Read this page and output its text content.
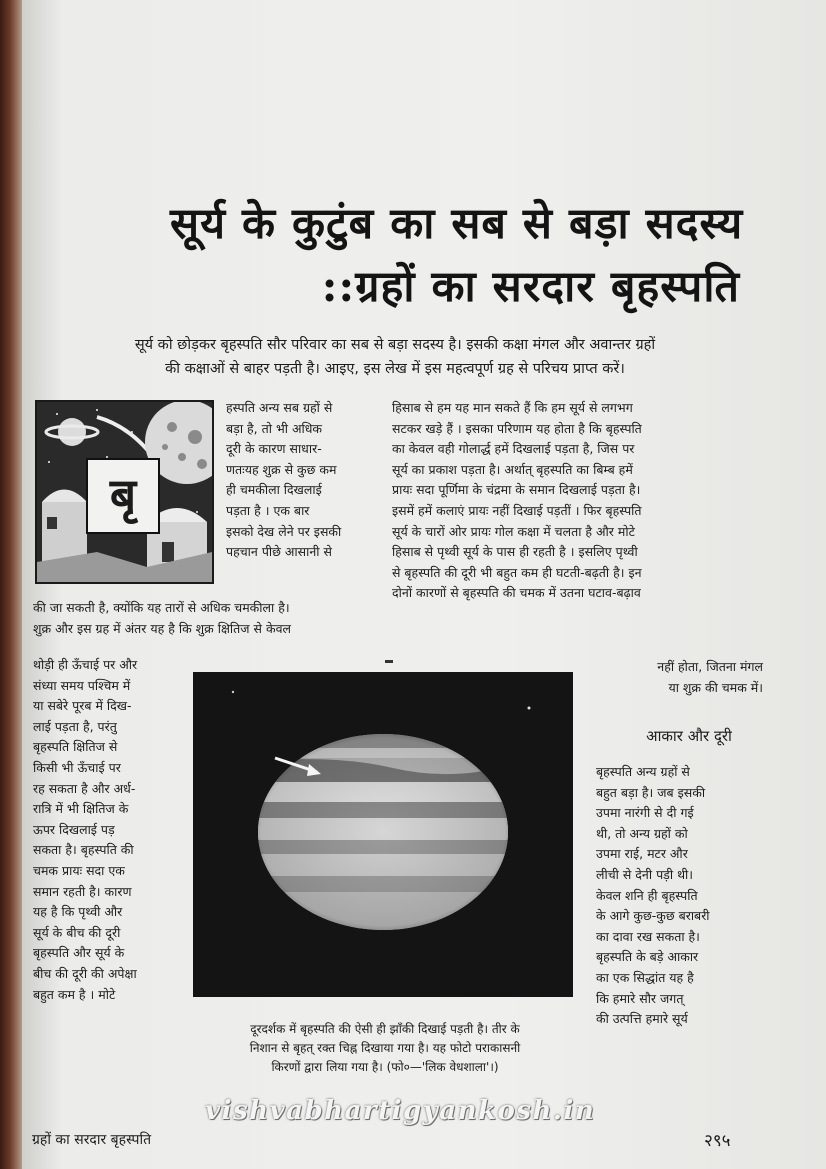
सूर्य के कुटुंब का सब से बड़ा सदस्य
::ग्रहों का सरदार बृहस्पति
सूर्य को छोड़कर बृहस्पति सौर परिवार का सब से बड़ा सदस्य है। इसकी कक्षा मंगल और अवान्तर ग्रहों
की कक्षाओं से बाहर पड़ती है। आइए, इस लेख में इस महत्वपूर्ण ग्रह से परिचय प्राप्त करें।
बृ

हस्पति अन्य सब ग्रहों से

बड़ा है, तो भी अधिक

दूरी के कारण साधार-

णतःयह शुक्र से कुछ कम

ही चमकीला दिखलाई

पड़ता है । एक बार

इसको देख लेने पर इसकी

पहचान पीछे आसानी से

की जा सकती है, क्योंकि यह तारों से अधिक चमकीला है।

शुक्र और इस ग्रह में अंतर यह है कि शुक्र क्षितिज से केवल

थोड़ी ही ऊँचाई पर और

संध्या समय पश्चिम में

या सबेरे पूरब में दिख-

लाई पड़ता है, परंतु

बृहस्पति क्षितिज से

किसी भी ऊँचाई पर

रह सकता है और अर्ध-

रात्रि में भी क्षितिज के

ऊपर दिखलाई पड़

सकता है। बृहस्पति की

चमक प्रायः सदा एक

समान रहती है। कारण

यह है कि पृथ्वी और

सूर्य के बीच की दूरी

बृहस्पति और सूर्य के

बीच की दूरी की अपेक्षा

बहुत कम है । मोटे

हिसाब से हम यह मान सकते हैं कि हम सूर्य से लगभग

सटकर खड़े हैं । इसका परिणाम यह होता है कि बृहस्पति

का केवल वही गोलार्द्ध हमें दिखलाई पड़ता है, जिस पर

सूर्य का प्रकाश पड़ता है। अर्थात् बृहस्पति का बिम्ब हमें

प्रायः सदा पूर्णिमा के चंद्रमा के समान दिखलाई पड़ता है।

इसमें हमें कलाएं प्रायः नहीं दिखाई पड़तीं । फिर बृहस्पति

सूर्य के चारों ओर प्रायः गोल कक्षा में चलता है और मोटे

हिसाब से पृथ्वी सूर्य के पास ही रहती है । इसलिए पृथ्वी

से बृहस्पति की दूरी भी बहुत कम ही घटती-बढ़ती है। इन

दोनों कारणों से बृहस्पति की चमक में उतना घटाव-बढ़ाव

नहीं होता, जितना मंगल

या शुक्र की चमक में।

आकार और दूरी

बृहस्पति अन्य ग्रहों से

बहुत बड़ा है। जब इसकी

उपमा नारंगी से दी गई

थी, तो अन्य ग्रहों को

उपमा राई, मटर और

लीची से देनी पड़ी थी।

केवल शनि ही बृहस्पति

के आगे कुछ-कुछ बराबरी

का दावा रख सकता है।

बृहस्पति के बड़े आकार

का एक सिद्धांत यह है

कि हमारे सौर जगत्

की उत्पत्ति हमारे सूर्य

दूरदर्शक में बृहस्पति की ऐसी ही झाँकी दिखाई पड़ती है। तीर के
निशान से बृहत् रक्त चिह्न दिखाया गया है। यह फोटो पराकासनी
किरणों द्वारा लिया गया है। (फो०—'लिक वेधशाला'।)
ग्रहों का सरदार बृहस्पति
vishvabhartigyankosh.in
२९५
